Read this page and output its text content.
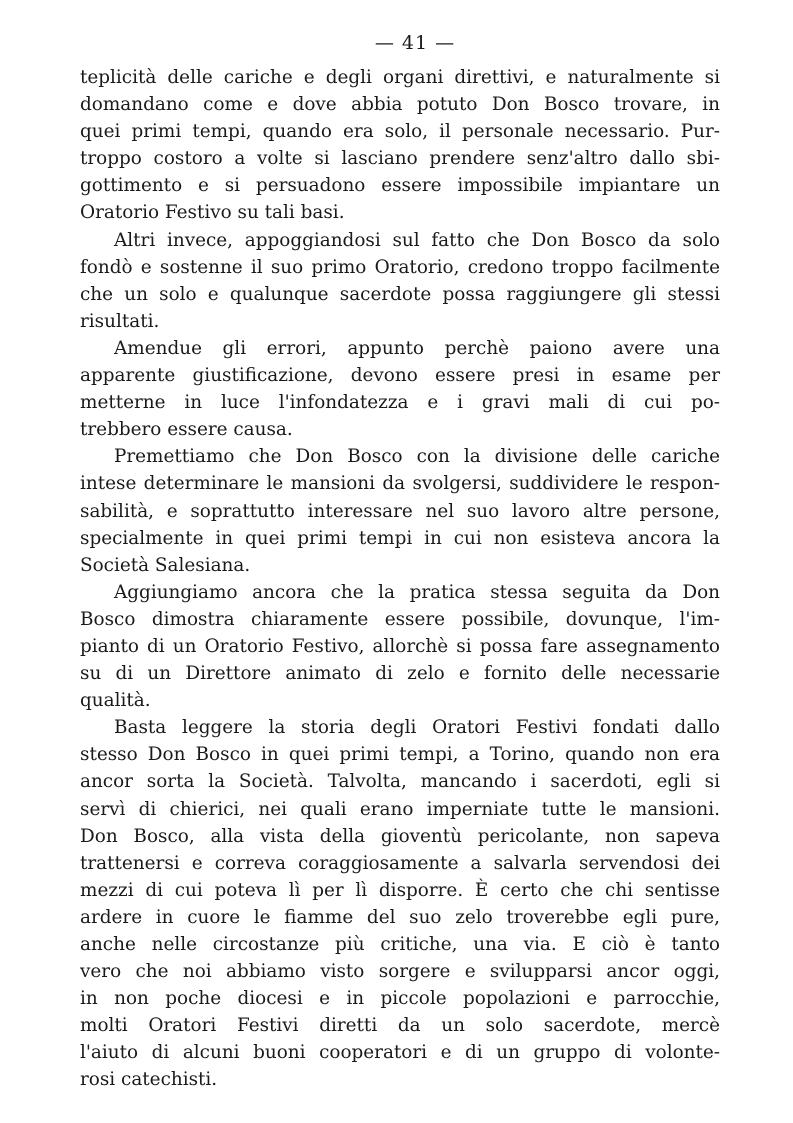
— 41 —

teplicità delle cariche e degli organi direttivi, e naturalmente si
domandano come e dove abbia potuto Don Bosco trovare, in
quei primi tempi, quando era solo, il personale necessario. Pur-
troppo costoro a volte si lasciano prendere senz'altro dallo sbi-
gottimento e si persuadono essere impossibile impiantare un
Oratorio Festivo su tali basi.

Altri invece, appoggiandosi sul fatto che Don Bosco da solo
fondò e sostenne il suo primo Oratorio, credono troppo facilmente
che un solo e qualunque sacerdote possa raggiungere gli stessi
risultati.

Amendue gli errori, appunto perchè paiono avere una
apparente giustificazione, devono essere presi in esame per
metterne in luce l'infondatezza e i gravi mali di cui po-
trebbero essere causa.

Premettiamo che Don Bosco con la divisione delle cariche
intese determinare le mansioni da svolgersi, suddividere le respon-
sabilità, e soprattutto interessare nel suo lavoro altre persone,
specialmente in quei primi tempi in cui non esisteva ancora la
Società Salesiana.

Aggiungiamo ancora che la pratica stessa seguita da Don
Bosco dimostra chiaramente essere possibile, dovunque, l'im-
pianto di un Oratorio Festivo, allorchè si possa fare assegnamento
su di un Direttore animato di zelo e fornito delle necessarie
qualità.

Basta leggere la storia degli Oratori Festivi fondati dallo
stesso Don Bosco in quei primi tempi, a Torino, quando non era
ancor sorta la Società. Talvolta, mancando i sacerdoti, egli si
servì di chierici, nei quali erano imperniate tutte le mansioni.
Don Bosco, alla vista della gioventù pericolante, non sapeva
trattenersi e correva coraggiosamente a salvarla servendosi dei
mezzi di cui poteva lì per lì disporre. È certo che chi sentisse
ardere in cuore le fiamme del suo zelo troverebbe egli pure,
anche nelle circostanze più critiche, una via. E ciò è tanto
vero che noi abbiamo visto sorgere e svilupparsi ancor oggi,
in non poche diocesi e in piccole popolazioni e parrocchie,
molti Oratori Festivi diretti da un solo sacerdote, mercè
l'aiuto di alcuni buoni cooperatori e di un gruppo di volonte-
rosi catechisti.
